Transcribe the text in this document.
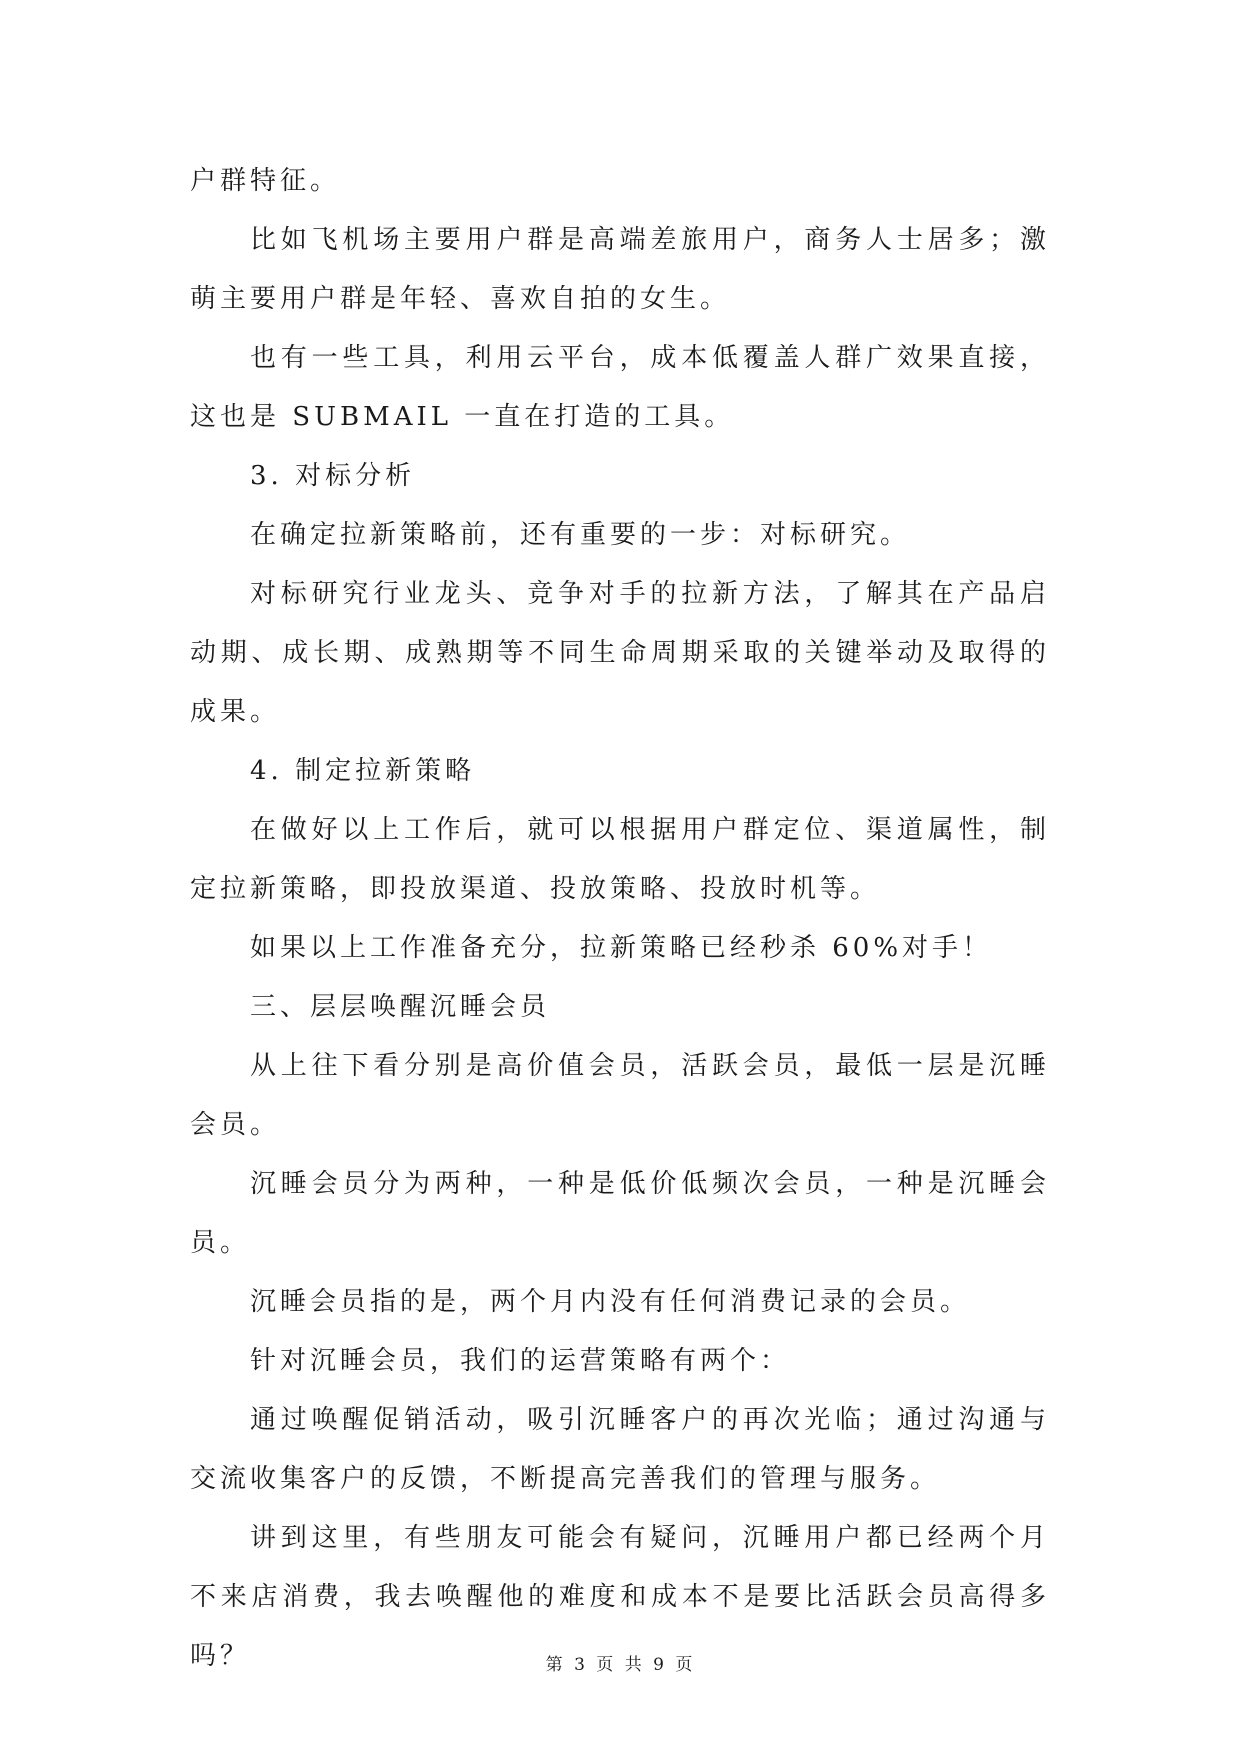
户群特征。

比如飞机场主要用户群是高端差旅用户，商务人士居多；激萌主要用户群是年轻、喜欢自拍的女生。

也有一些工具，利用云平台，成本低覆盖人群广效果直接，这也是 SUBMAIL 一直在打造的工具。

3. 对标分析

在确定拉新策略前，还有重要的一步：对标研究。

对标研究行业龙头、竞争对手的拉新方法，了解其在产品启动期、成长期、成熟期等不同生命周期采取的关键举动及取得的成果。

4. 制定拉新策略

在做好以上工作后，就可以根据用户群定位、渠道属性，制定拉新策略，即投放渠道、投放策略、投放时机等。

如果以上工作准备充分，拉新策略已经秒杀 60%对手！

三、层层唤醒沉睡会员

从上往下看分别是高价值会员，活跃会员，最低一层是沉睡会员。

沉睡会员分为两种，一种是低价低频次会员，一种是沉睡会员。

沉睡会员指的是，两个月内没有任何消费记录的会员。

针对沉睡会员，我们的运营策略有两个：

通过唤醒促销活动，吸引沉睡客户的再次光临；通过沟通与交流收集客户的反馈，不断提高完善我们的管理与服务。

讲到这里，有些朋友可能会有疑问，沉睡用户都已经两个月不来店消费，我去唤醒他的难度和成本不是要比活跃会员高得多吗？	第 3 页 共 9 页
